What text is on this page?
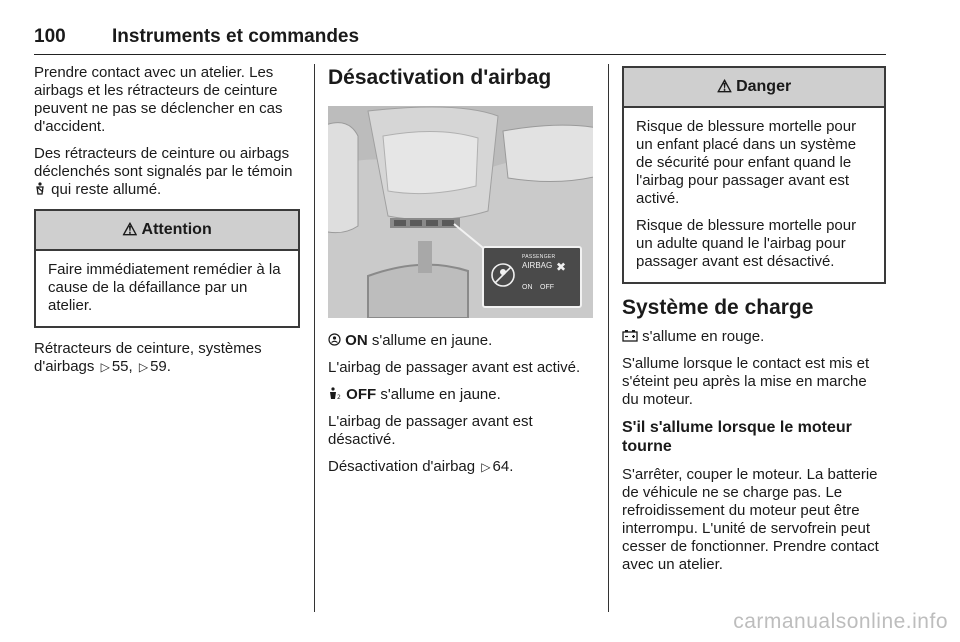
100 Instruments et commandes

Prendre contact avec un atelier. Les airbags et les rétracteurs de ceinture peuvent ne pas se déclencher en cas d'accident.

Des rétracteurs de ceinture ou airbags déclenchés sont signalés par le témoin  qui reste allumé.

⚠ Attention

Faire immédiatement remédier à la cause de la défaillance par un atelier.

Rétracteurs de ceinture, systèmes d'airbags ▷ 55, ▷ 59.

Désactivation d'airbag
PASSENGER
AIRBAG
ON OFF
✖

ON s'allume en jaune.

L'airbag de passager avant est activé.

2 OFF s'allume en jaune.

L'airbag de passager avant est désactivé.

Désactivation d'airbag ▷ 64.

⚠ Danger

Risque de blessure mortelle pour un enfant placé dans un système de sécurité pour enfant quand le l'airbag pour passager avant est activé.

Risque de blessure mortelle pour un adulte quand le l'airbag pour passager avant est désactivé.

Système de charge

s'allume en rouge.

S'allume lorsque le contact est mis et s'éteint peu après la mise en marche du moteur.

S'il s'allume lorsque le moteur tourne

S'arrêter, couper le moteur. La batterie de véhicule ne se charge pas. Le refroidissement du moteur peut être interrompu. L'unité de servofrein peut cesser de fonctionner. Prendre contact avec un atelier.

carmanualsonline.info
